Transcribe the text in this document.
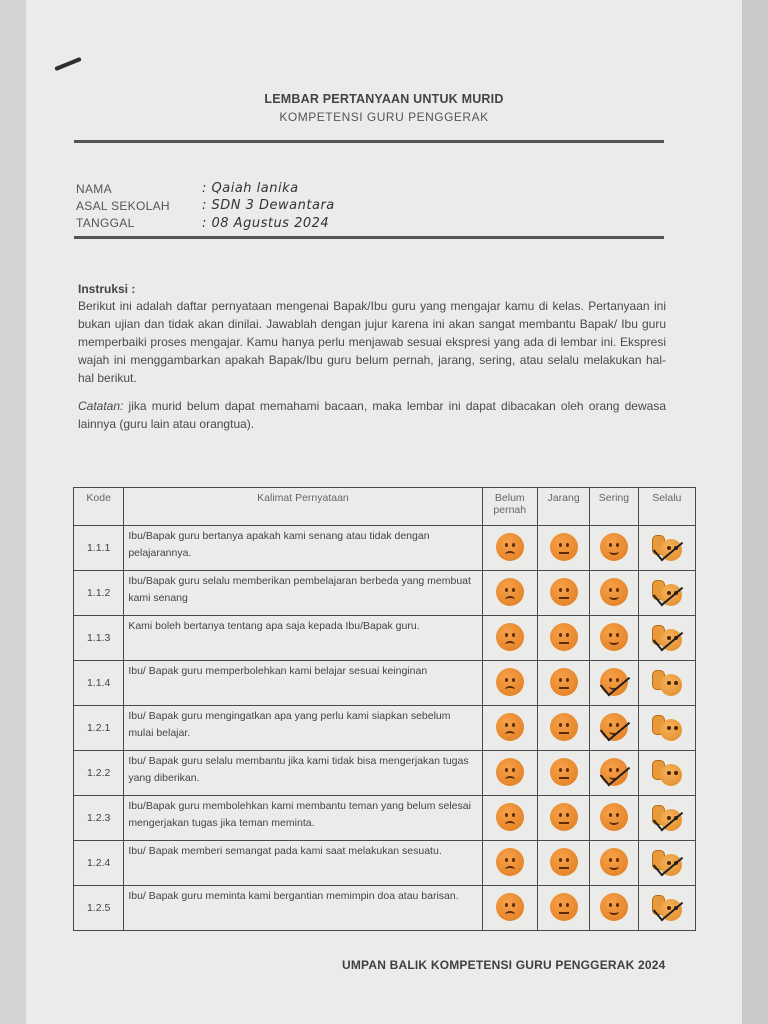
LEMBAR PERTANYAAN UNTUK MURID
KOMPETENSI GURU PENGGERAK
NAMA	: Qaiah lanika
ASAL SEKOLAH : SDN 3 Dewantara
TANGGAL	: 08 Agustus 2024
Instruksi :
Berikut ini adalah daftar pernyataan mengenai Bapak/Ibu guru yang mengajar kamu di kelas. Pertanyaan ini bukan ujian dan tidak akan dinilai. Jawablah dengan jujur karena ini akan sangat membantu Bapak/ Ibu guru memperbaiki proses mengajar. Kamu hanya perlu menjawab sesuai ekspresi yang ada di lembar ini. Ekspresi wajah ini menggambarkan apakah Bapak/Ibu guru belum pernah, jarang, sering, atau selalu melakukan hal-hal berikut.
Catatan: jika murid belum dapat memahami bacaan, maka lembar ini dapat dibacakan oleh orang dewasa lainnya (guru lain atau orangtua).
Kode	Kalimat Pernyataan	Belum pernah	Jarang	Sering	Selalu
1.1.1	Ibu/Bapak guru bertanya apakah kami senang atau tidak dengan pelajarannya.	

1.1.2	Ibu/Bapak guru selalu memberikan pembelajaran berbeda yang membuat kami senang	

1.1.3	Kami boleh bertanya tentang apa saja kepada Ibu/Bapak guru.	

1.1.4	Ibu/ Bapak guru memperbolehkan kami belajar sesuai keinginan	

1.2.1	Ibu/ Bapak guru mengingatkan apa yang perlu kami siapkan sebelum mulai belajar.	

1.2.2	Ibu/ Bapak guru selalu membantu jika kami tidak bisa mengerjakan tugas yang diberikan.	

1.2.3	Ibu/Bapak guru membolehkan kami membantu teman yang belum selesai mengerjakan tugas jika teman meminta.	

1.2.4	Ibu/ Bapak memberi semangat pada kami saat melakukan sesuatu.	

1.2.5	Ibu/ Bapak guru meminta kami bergantian memimpin doa atau barisan.	

UMPAN BALIK KOMPETENSI GURU PENGGERAK 2024
